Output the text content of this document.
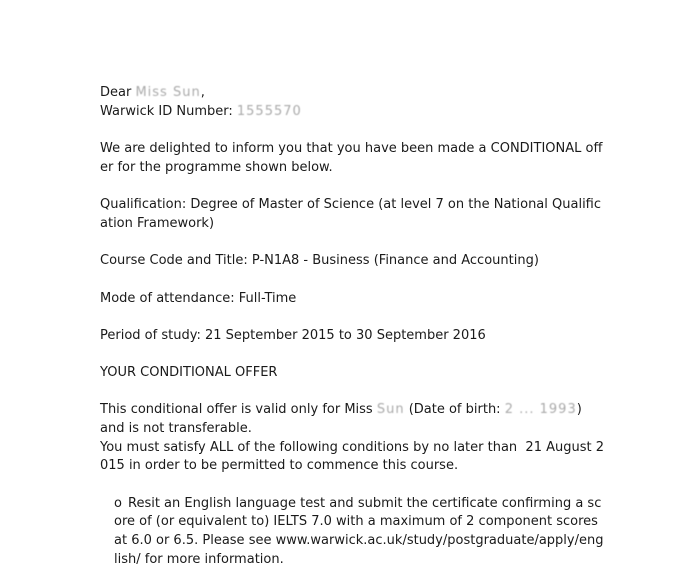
Dear Miss Sun,

Warwick ID Number: 1555570

We are delighted to inform you that you have been made a CONDITIONAL offer for the programme shown below.

Qualification: Degree of Master of Science (at level 7 on the National Qualification Framework)

Course Code and Title: P-N1A8 - Business (Finance and Accounting)

Mode of attendance: Full-Time

Period of study: 21 September 2015 to 30 September 2016

YOUR CONDITIONAL OFFER

This conditional offer is valid only for Miss Sun (Date of birth: 2 ... 1993)

and is not transferable.

You must satisfy ALL of the following conditions by no later than  21 August 2015 in order to be permitted to commence this course.

o Resit an English language test and submit the certificate confirming a score of (or equivalent to) IELTS 7.0 with a maximum of 2 component scores at 6.0 or 6.5. Please see www.warwick.ac.uk/study/postgraduate/apply/english/ for more information.
